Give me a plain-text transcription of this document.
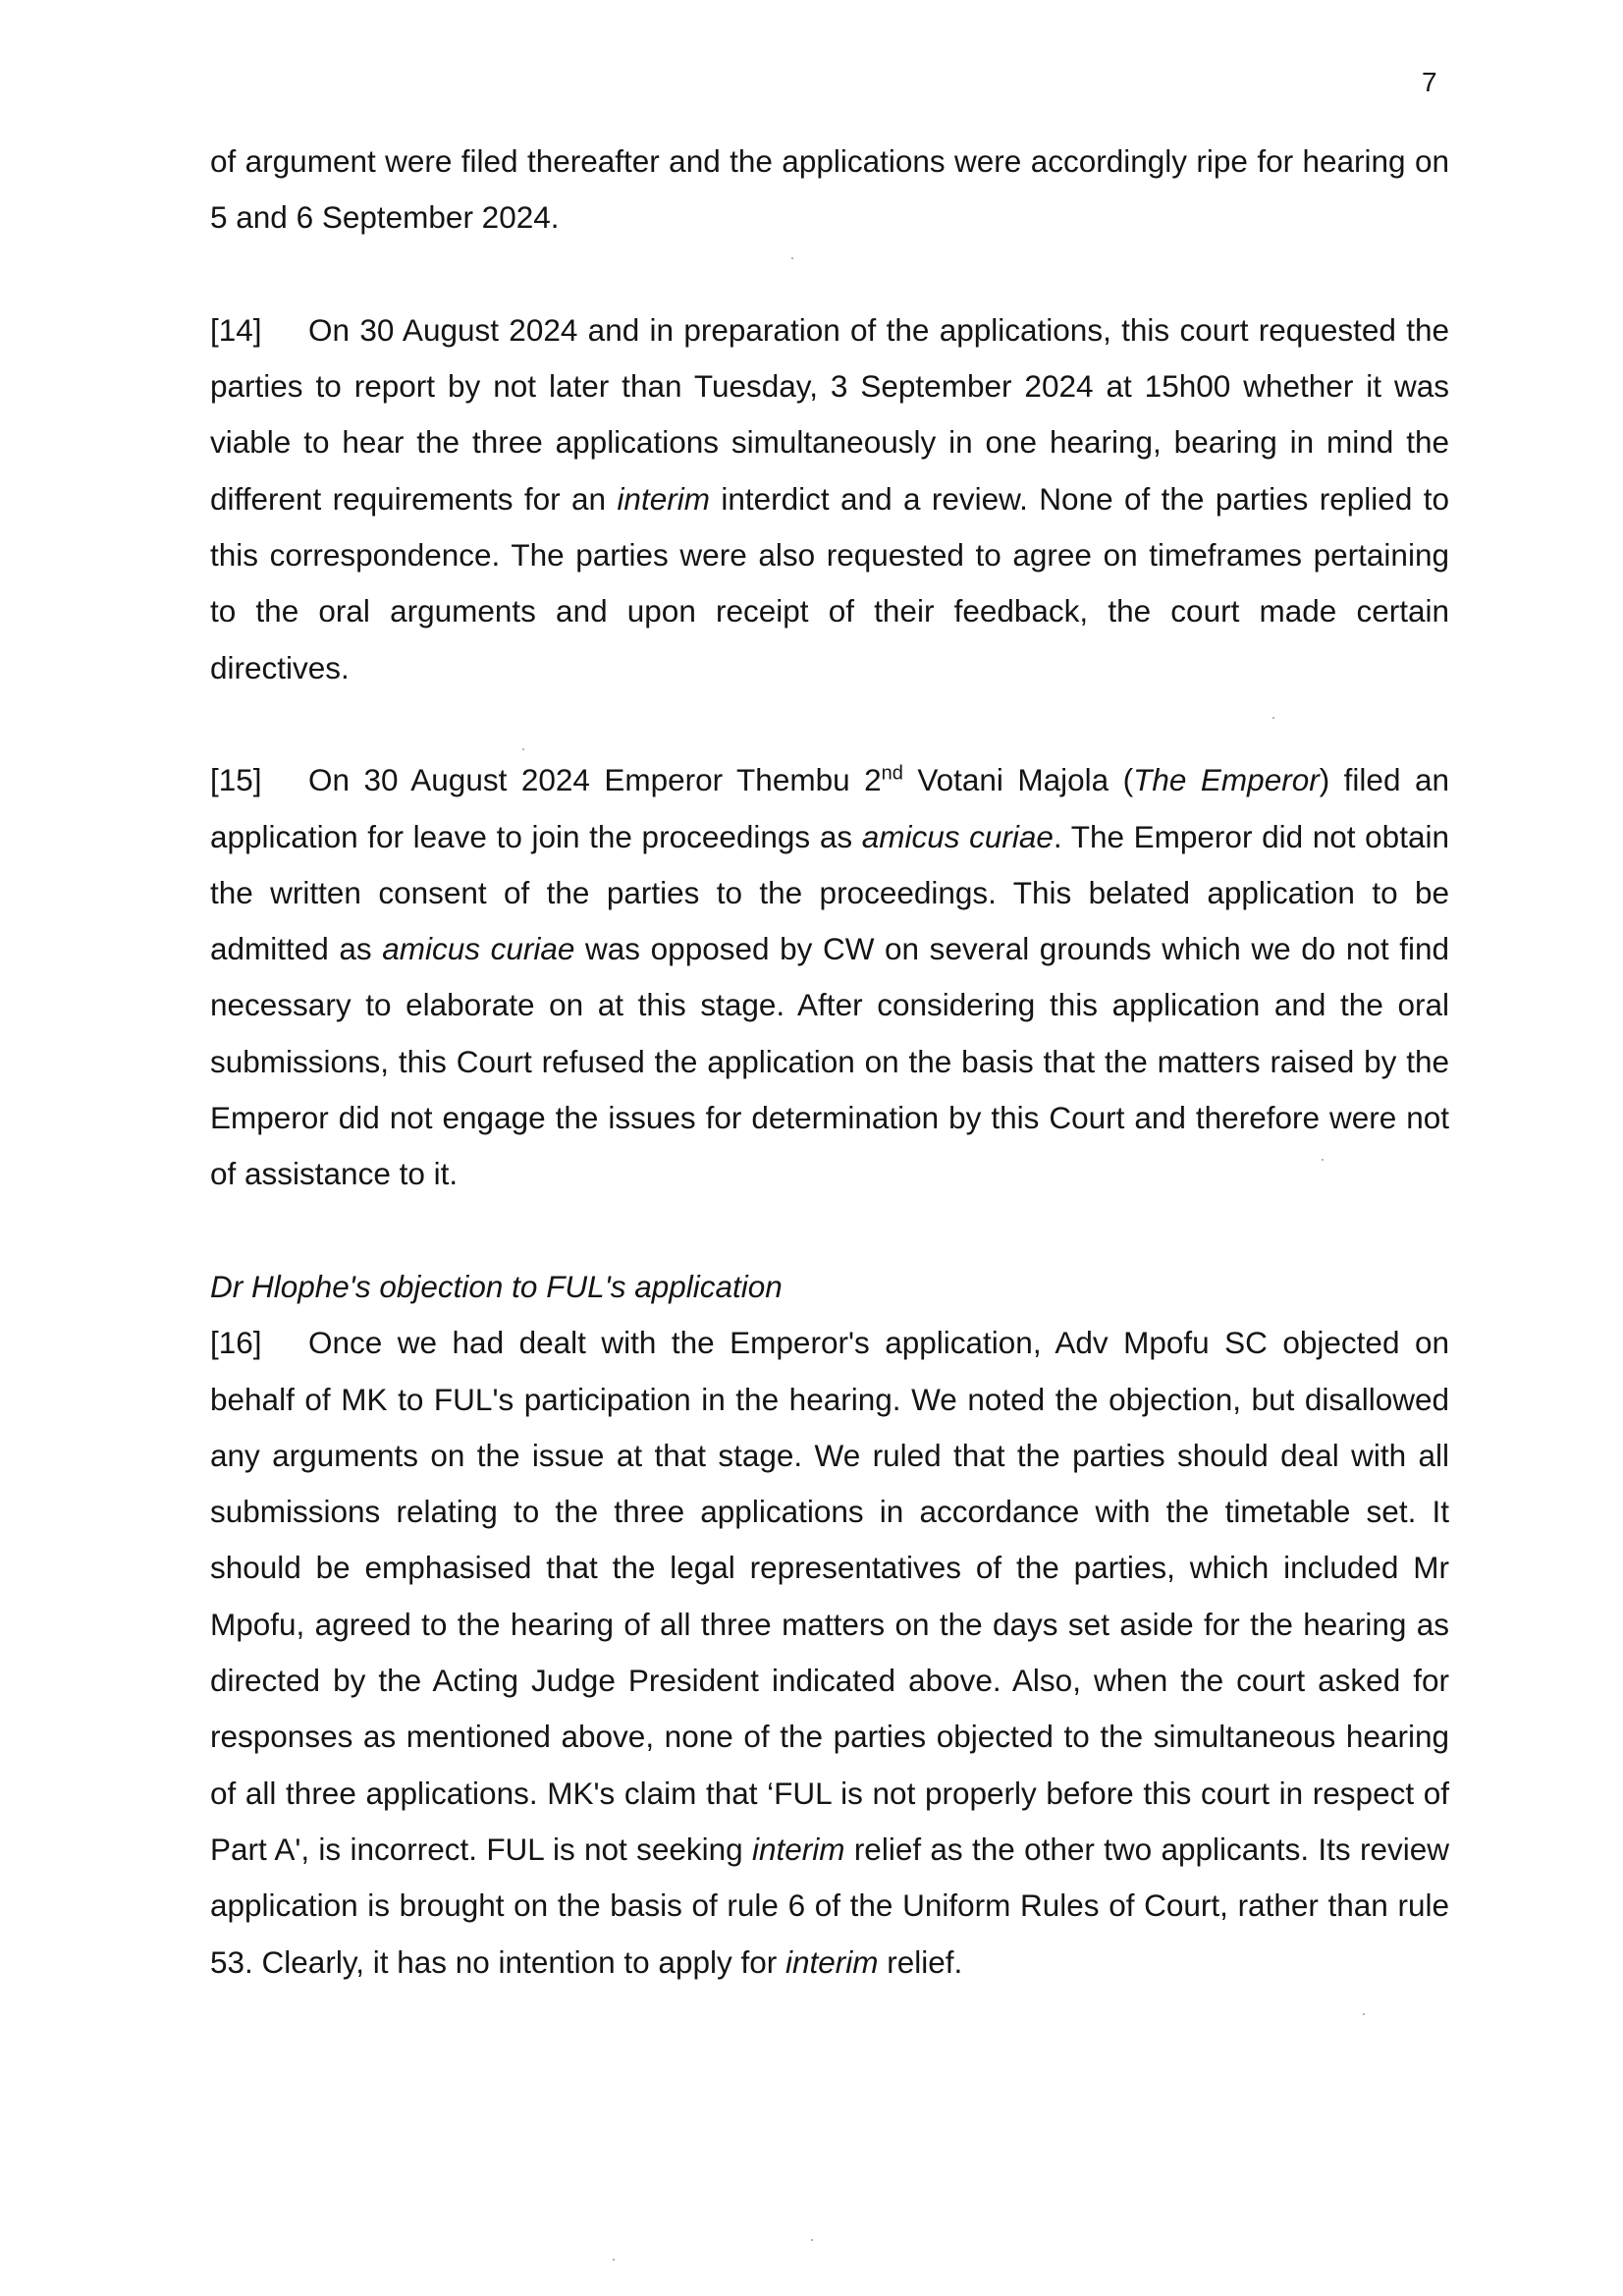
7

of argument were filed thereafter and the applications were accordingly ripe for hearing on 5 and 6 September 2024.

[14] On 30 August 2024 and in preparation of the applications, this court requested the parties to report by not later than Tuesday, 3 September 2024 at 15h00 whether it was viable to hear the three applications simultaneously in one hearing, bearing in mind the different requirements for an interim interdict and a review. None of the parties replied to this correspondence. The parties were also requested to agree on timeframes pertaining to the oral arguments and upon receipt of their feedback, the court made certain directives.

[15] On 30 August 2024 Emperor Thembu 2nd Votani Majola (The Emperor) filed an application for leave to join the proceedings as amicus curiae. The Emperor did not obtain the written consent of the parties to the proceedings. This belated application to be admitted as amicus curiae was opposed by CW on several grounds which we do not find necessary to elaborate on at this stage. After considering this application and the oral submissions, this Court refused the application on the basis that the matters raised by the Emperor did not engage the issues for determination by this Court and therefore were not of assistance to it.

Dr Hlophe's objection to FUL's application

[16] Once we had dealt with the Emperor's application, Adv Mpofu SC objected on behalf of MK to FUL's participation in the hearing. We noted the objection, but disallowed any arguments on the issue at that stage. We ruled that the parties should deal with all submissions relating to the three applications in accordance with the timetable set. It should be emphasised that the legal representatives of the parties, which included Mr Mpofu, agreed to the hearing of all three matters on the days set aside for the hearing as directed by the Acting Judge President indicated above. Also, when the court asked for responses as mentioned above, none of the parties objected to the simultaneous hearing of all three applications. MK's claim that ‘FUL is not properly before this court in respect of Part A', is incorrect. FUL is not seeking interim relief as the other two applicants. Its review application is brought on the basis of rule 6 of the Uniform Rules of Court, rather than rule 53. Clearly, it has no intention to apply for interim relief.
